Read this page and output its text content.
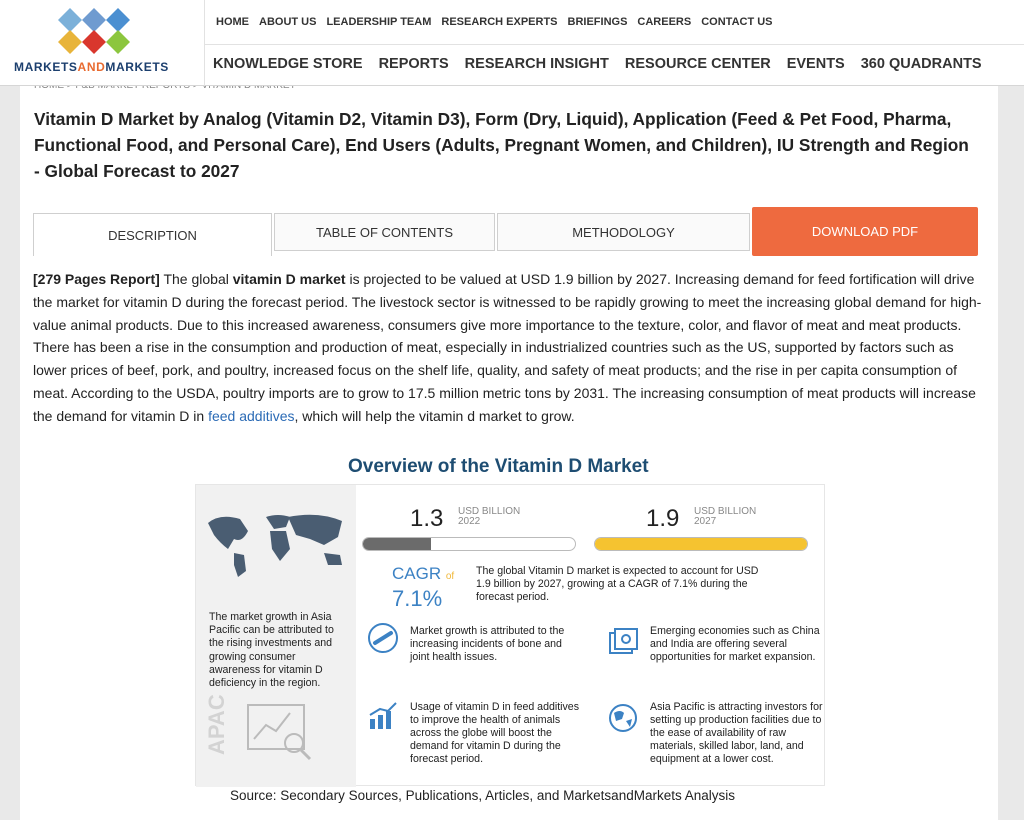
MARKETSANDMARKETS
HOME ABOUT US LEADERSHIP TEAM RESEARCH EXPERTS BRIEFINGS CAREERS CONTACT US
KNOWLEDGE STORE REPORTS RESEARCH INSIGHT RESOURCE CENTER EVENTS 360 QUADRANTS
Vitamin D Market by Analog (Vitamin D2, Vitamin D3), Form (Dry, Liquid), Application (Feed & Pet Food, Pharma, Functional Food, and Personal Care), End Users (Adults, Pregnant Women, and Children), IU Strength and Region - Global Forecast to 2027
DESCRIPTION	TABLE OF CONTENTS	METHODOLOGY	DOWNLOAD PDF

[279 Pages Report] The global vitamin D market is projected to be valued at USD 1.9 billion by 2027. Increasing demand for feed fortification will drive the market for vitamin D during the forecast period. The livestock sector is witnessed to be rapidly growing to meet the increasing global demand for high-value animal products. Due to this increased awareness, consumers give more importance to the texture, color, and flavor of meat and meat products. There has been a rise in the consumption and production of meat, especially in industrialized countries such as the US, supported by factors such as lower prices of beef, pork, and poultry, increased focus on the shelf life, quality, and safety of meat products; and the rise in per capita consumption of meat. According to the USDA, poultry imports are to grow to 17.5 million metric tons by 2031. The increasing consumption of meat products will increase the demand for vitamin D in feed additives, which will help the vitamin d market to grow.

Overview of the Vitamin D Market
The market growth in Asia Pacific can be attributed to the rising investments and growing consumer awareness for vitamin D deficiency in the region.
APAC
1.3 USD BILLION
2022	1.9 USD BILLION
2027
CAGR of
7.1%
The global Vitamin D market is expected to account for USD 1.9 billion by 2027, growing at a CAGR of 7.1% during the forecast period.
Market growth is attributed to the increasing incidents of bone and joint health issues.
Emerging economies such as China and India are offering several opportunities for market expansion.
Usage of vitamin D in feed additives to improve the health of animals across the globe will boost the demand for vitamin D during the forecast period.
Asia Pacific is attracting investors for setting up production facilities due to the ease of availability of raw materials, skilled labor, land, and equipment at a lower cost.
Source: Secondary Sources, Publications, Articles, and MarketsandMarkets Analysis
